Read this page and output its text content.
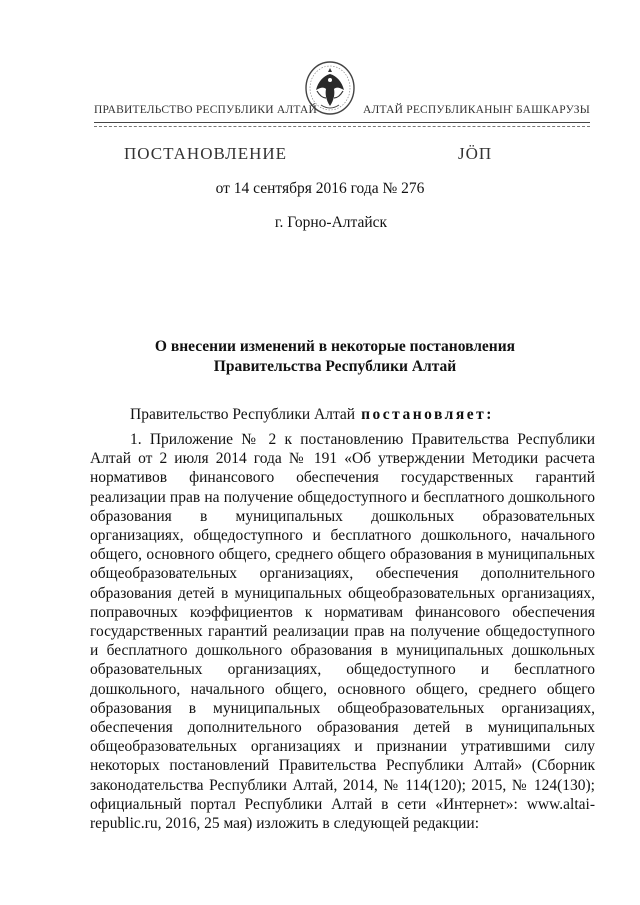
ПРАВИТЕЛЬСТВО РЕСПУБЛИКИ АЛТАЙ	АЛТАЙ РЕСПУБЛИКАНЫҤ БАШКАРУЗЫ
ПОСТАНОВЛЕНИЕ	JÖП
от 14 сентября 2016 года № 276
г. Горно-Алтайск
О внесении изменений в некоторые постановления Правительства Республики Алтай
Правительство Республики Алтай постановляет:

1. Приложение № 2 к постановлению Правительства Республики Алтай от 2 июля 2014 года № 191 «Об утверждении Методики расчета нормативов финансового обеспечения государственных гарантий реализации прав на получение общедоступного и бесплатного дошкольного образования в муниципальных дошкольных образовательных организациях, общедоступного и бесплатного дошкольного, начального общего, основного общего, среднего общего образования в муниципальных общеобразовательных организациях, обеспечения дополнительного образования детей в муниципальных общеобразовательных организациях, поправочных коэффициентов к нормативам финансового обеспечения государственных гарантий реализации прав на получение общедоступного и бесплатного дошкольного образования в муниципальных дошкольных образовательных организациях, общедоступного и бесплатного дошкольного, начального общего, основного общего, среднего общего образования в муниципальных общеобразовательных организациях, обеспечения дополнительного образования детей в муниципальных общеобразовательных организациях и признании утратившими силу некоторых постановлений Правительства Республики Алтай» (Сборник законодательства Республики Алтай, 2014, № 114(120); 2015, № 124(130); официальный портал Республики Алтай в сети «Интернет»: www.altai-republic.ru, 2016, 25 мая) изложить в следующей редакции:
